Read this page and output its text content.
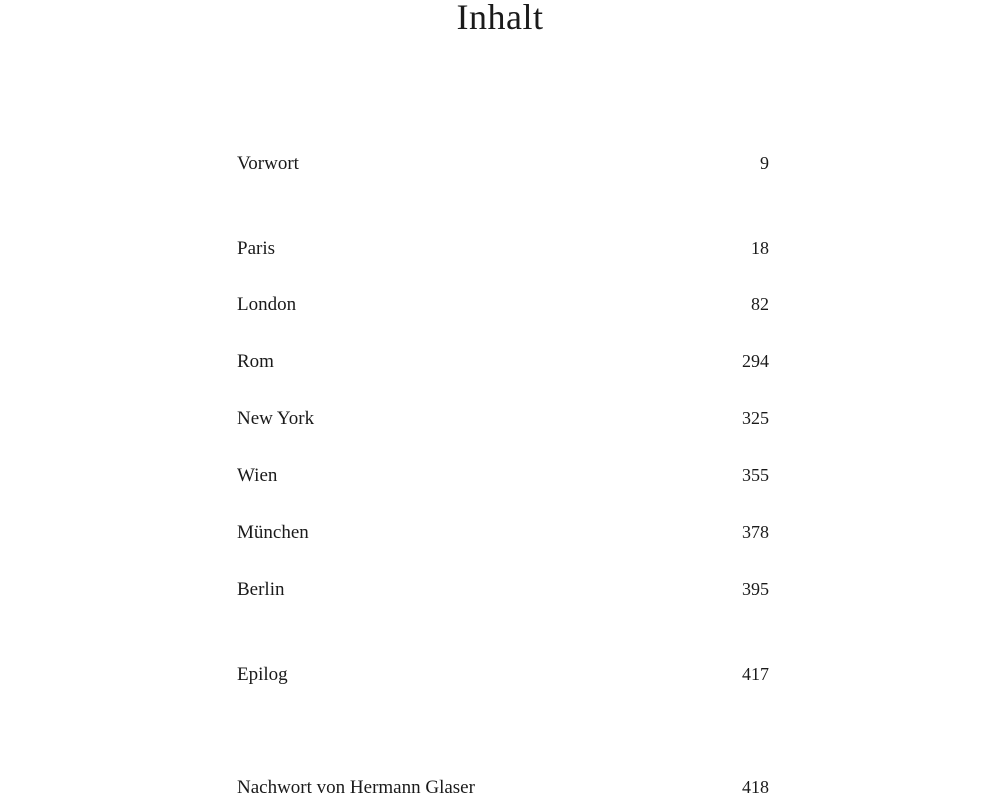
Inhalt
Vorwort	9
Paris	18
London	82
Rom	294
New York	325
Wien	355
München	378
Berlin	395
Epilog	417
Nachwort von Hermann Glaser	418
